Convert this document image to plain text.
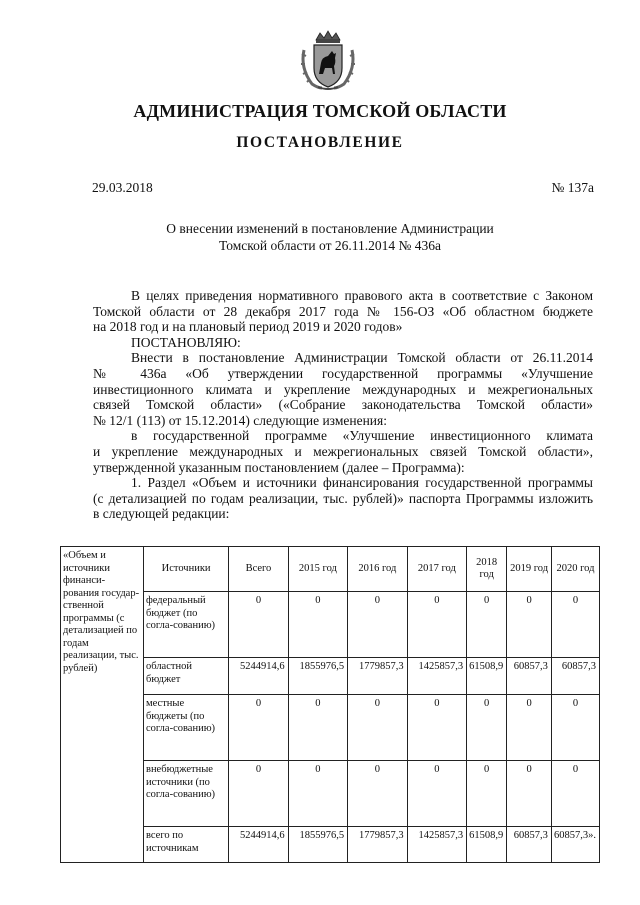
АДМИНИСТРАЦИЯ ТОМСКОЙ ОБЛАСТИ
ПОСТАНОВЛЕНИЕ
29.03.2018	№ 137а
О внесении изменений в постановление Администрации
Томской области от 26.11.2014 № 436а

В целях приведения нормативного правового акта в соответствие с Законом

Томской области от 28 декабря 2017 года № 156-ОЗ «Об областном бюджете

на 2018 год и на плановый период 2019 и 2020 годов»

ПОСТАНОВЛЯЮ:

Внести в постановление Администрации Томской области от 26.11.2014

№ 436а «Об утверждении государственной программы «Улучшение

инвестиционного климата и укрепление международных и межрегиональных

связей Томской области» («Собрание законодательства Томской области»

№ 12/1 (113) от 15.12.2014) следующие изменения:

в государственной программе «Улучшение инвестиционного климата

и укрепление международных и межрегиональных связей Томской области»,

утвержденной указанным постановлением (далее – Программа):

1. Раздел «Объем и источники финансирования государственной программы

(с детализацией по годам реализации, тыс. рублей)» паспорта Программы изложить

в следующей редакции:

«Объем и источники финанси-рования государ-ственной программы (с детализацией по годам реализации, тыс. рублей)	Источники	Всего	2015 год	2016 год	2017 год	2018 год	2019 год	2020 год
	федеральный бюджет (по согла-сованию)	0	0	0	0	0	0	0
	областной бюджет	5244914,6	1855976,5	1779857,3	1425857,3	61508,9	60857,3	60857,3
	местные бюджеты (по согла-сованию)	0	0	0	0	0	0	0
	внебюджетные источники (по согла-сованию)	0	0	0	0	0	0	0
	всего по источникам	5244914,6	1855976,5	1779857,3	1425857,3	61508,9	60857,3	60857,3».
